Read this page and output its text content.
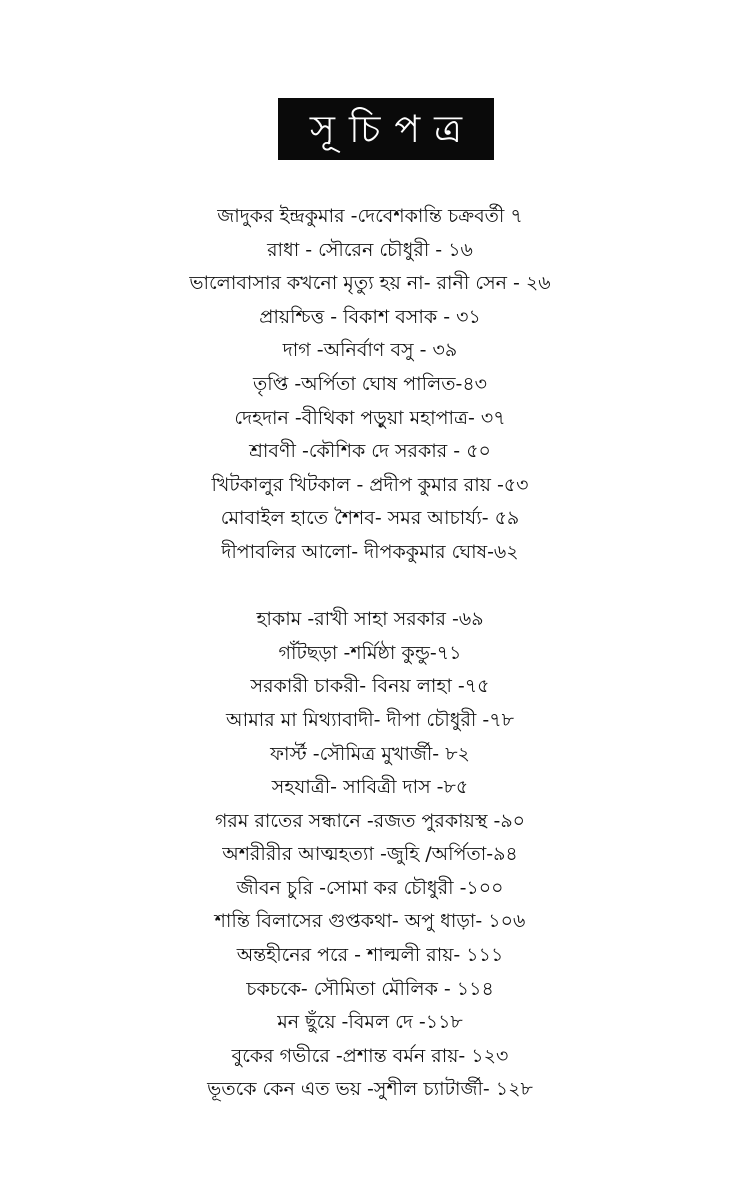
সূচিপত্র
জাদুকর ইন্দ্রকুমার -দেবেশকান্তি চক্রবর্তী ৭
রাধা - সৌরেন চৌধুরী - ১৬
ভালোবাসার কখনো মৃত্যু হয় না- রানী সেন - ২৬
প্রায়শ্চিত্ত - বিকাশ বসাক - ৩১
দাগ -অনির্বাণ বসু - ৩৯
তৃপ্তি -অর্পিতা ঘোষ পালিত-৪৩
দেহদান -বীথিকা পড়ুয়া মহাপাত্র- ৩৭
শ্রাবণী -কৌশিক দে সরকার - ৫০
খিটকালুর খিটকাল - প্রদীপ কুমার রায় -৫৩
মোবাইল হাতে শৈশব- সমর আচার্য্য- ৫৯
দীপাবলির আলো- দীপককুমার ঘোষ-৬২
হাকাম -রাখী সাহা সরকার -৬৯
গাঁটছড়া -শর্মিষ্ঠা কুন্ডু-৭১
সরকারী চাকরী- বিনয় লাহা -৭৫
আমার মা মিথ্যাবাদী- দীপা চৌধুরী -৭৮
ফার্স্ট -সৌমিত্র মুখার্জী- ৮২
সহযাত্রী- সাবিত্রী দাস -৮৫
গরম রাতের সন্ধানে -রজত পুরকায়স্থ -৯০
অশরীরীর আত্মহত্যা -জুহি /অর্পিতা-৯৪
জীবন চুরি -সোমা কর চৌধুরী -১০০
শান্তি বিলাসের গুপ্তকথা- অপু ধাড়া- ১০৬
অন্তহীনের পরে - শাল্মলী রায়- ১১১
চকচকে- সৌমিতা মৌলিক - ১১৪
মন ছুঁয়ে -বিমল দে -১১৮
বুকের গভীরে -প্রশান্ত বর্মন রায়- ১২৩
ভূতকে কেন এত ভয় -সুশীল চ্যাটার্জী- ১২৮
